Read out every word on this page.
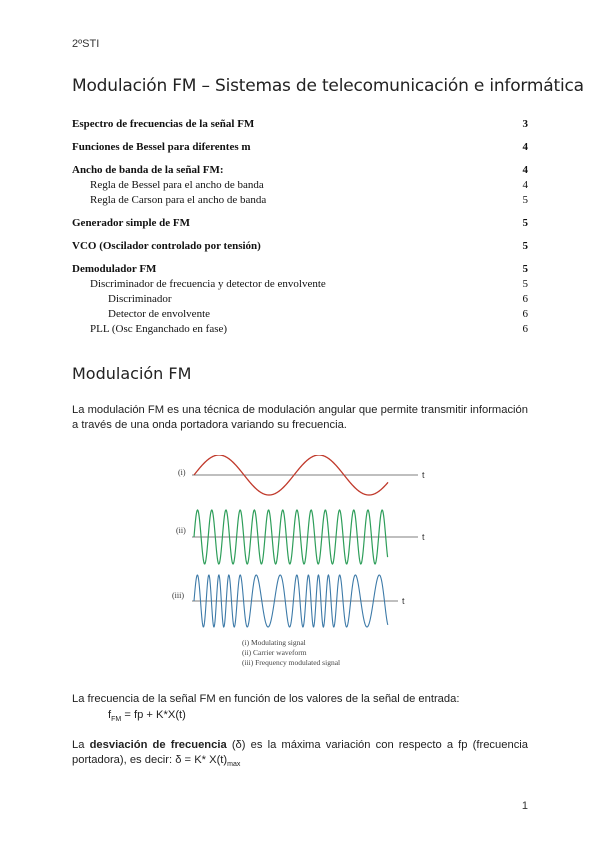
2ºSTI
Modulación FM – Sistemas de telecomunicación e informática
Espectro de frecuencias de la señal FM	3
Funciones de Bessel para diferentes m	4
Ancho de banda de la señal FM:	4
Regla de Bessel para el ancho de banda	4
Regla de Carson para el ancho de banda	5
Generador simple de FM	5
VCO (Oscilador controlado por tensión)	5
Demodulador FM	5
Discriminador de frecuencia y detector de envolvente	5
Discriminador	6
Detector de envolvente	6
PLL (Osc Enganchado en fase)	6
Modulación FM
La modulación FM es una técnica de modulación angular que permite transmitir información a través de una onda portadora variando su frecuencia.
(i)
(ii)
(iii)
t
t
t
(i) Modulating signal
(ii) Carrier waveform
(iii) Frequency modulated signal
La frecuencia de la señal FM en función de los valores de la señal de entrada:
$f_{FM}$ = fp + K*X(t)
La desviación de frecuencia (δ) es la máxima variación con respecto a fp (frecuencia portadora), es decir: δ = K* $X(t)_{max}$
1
